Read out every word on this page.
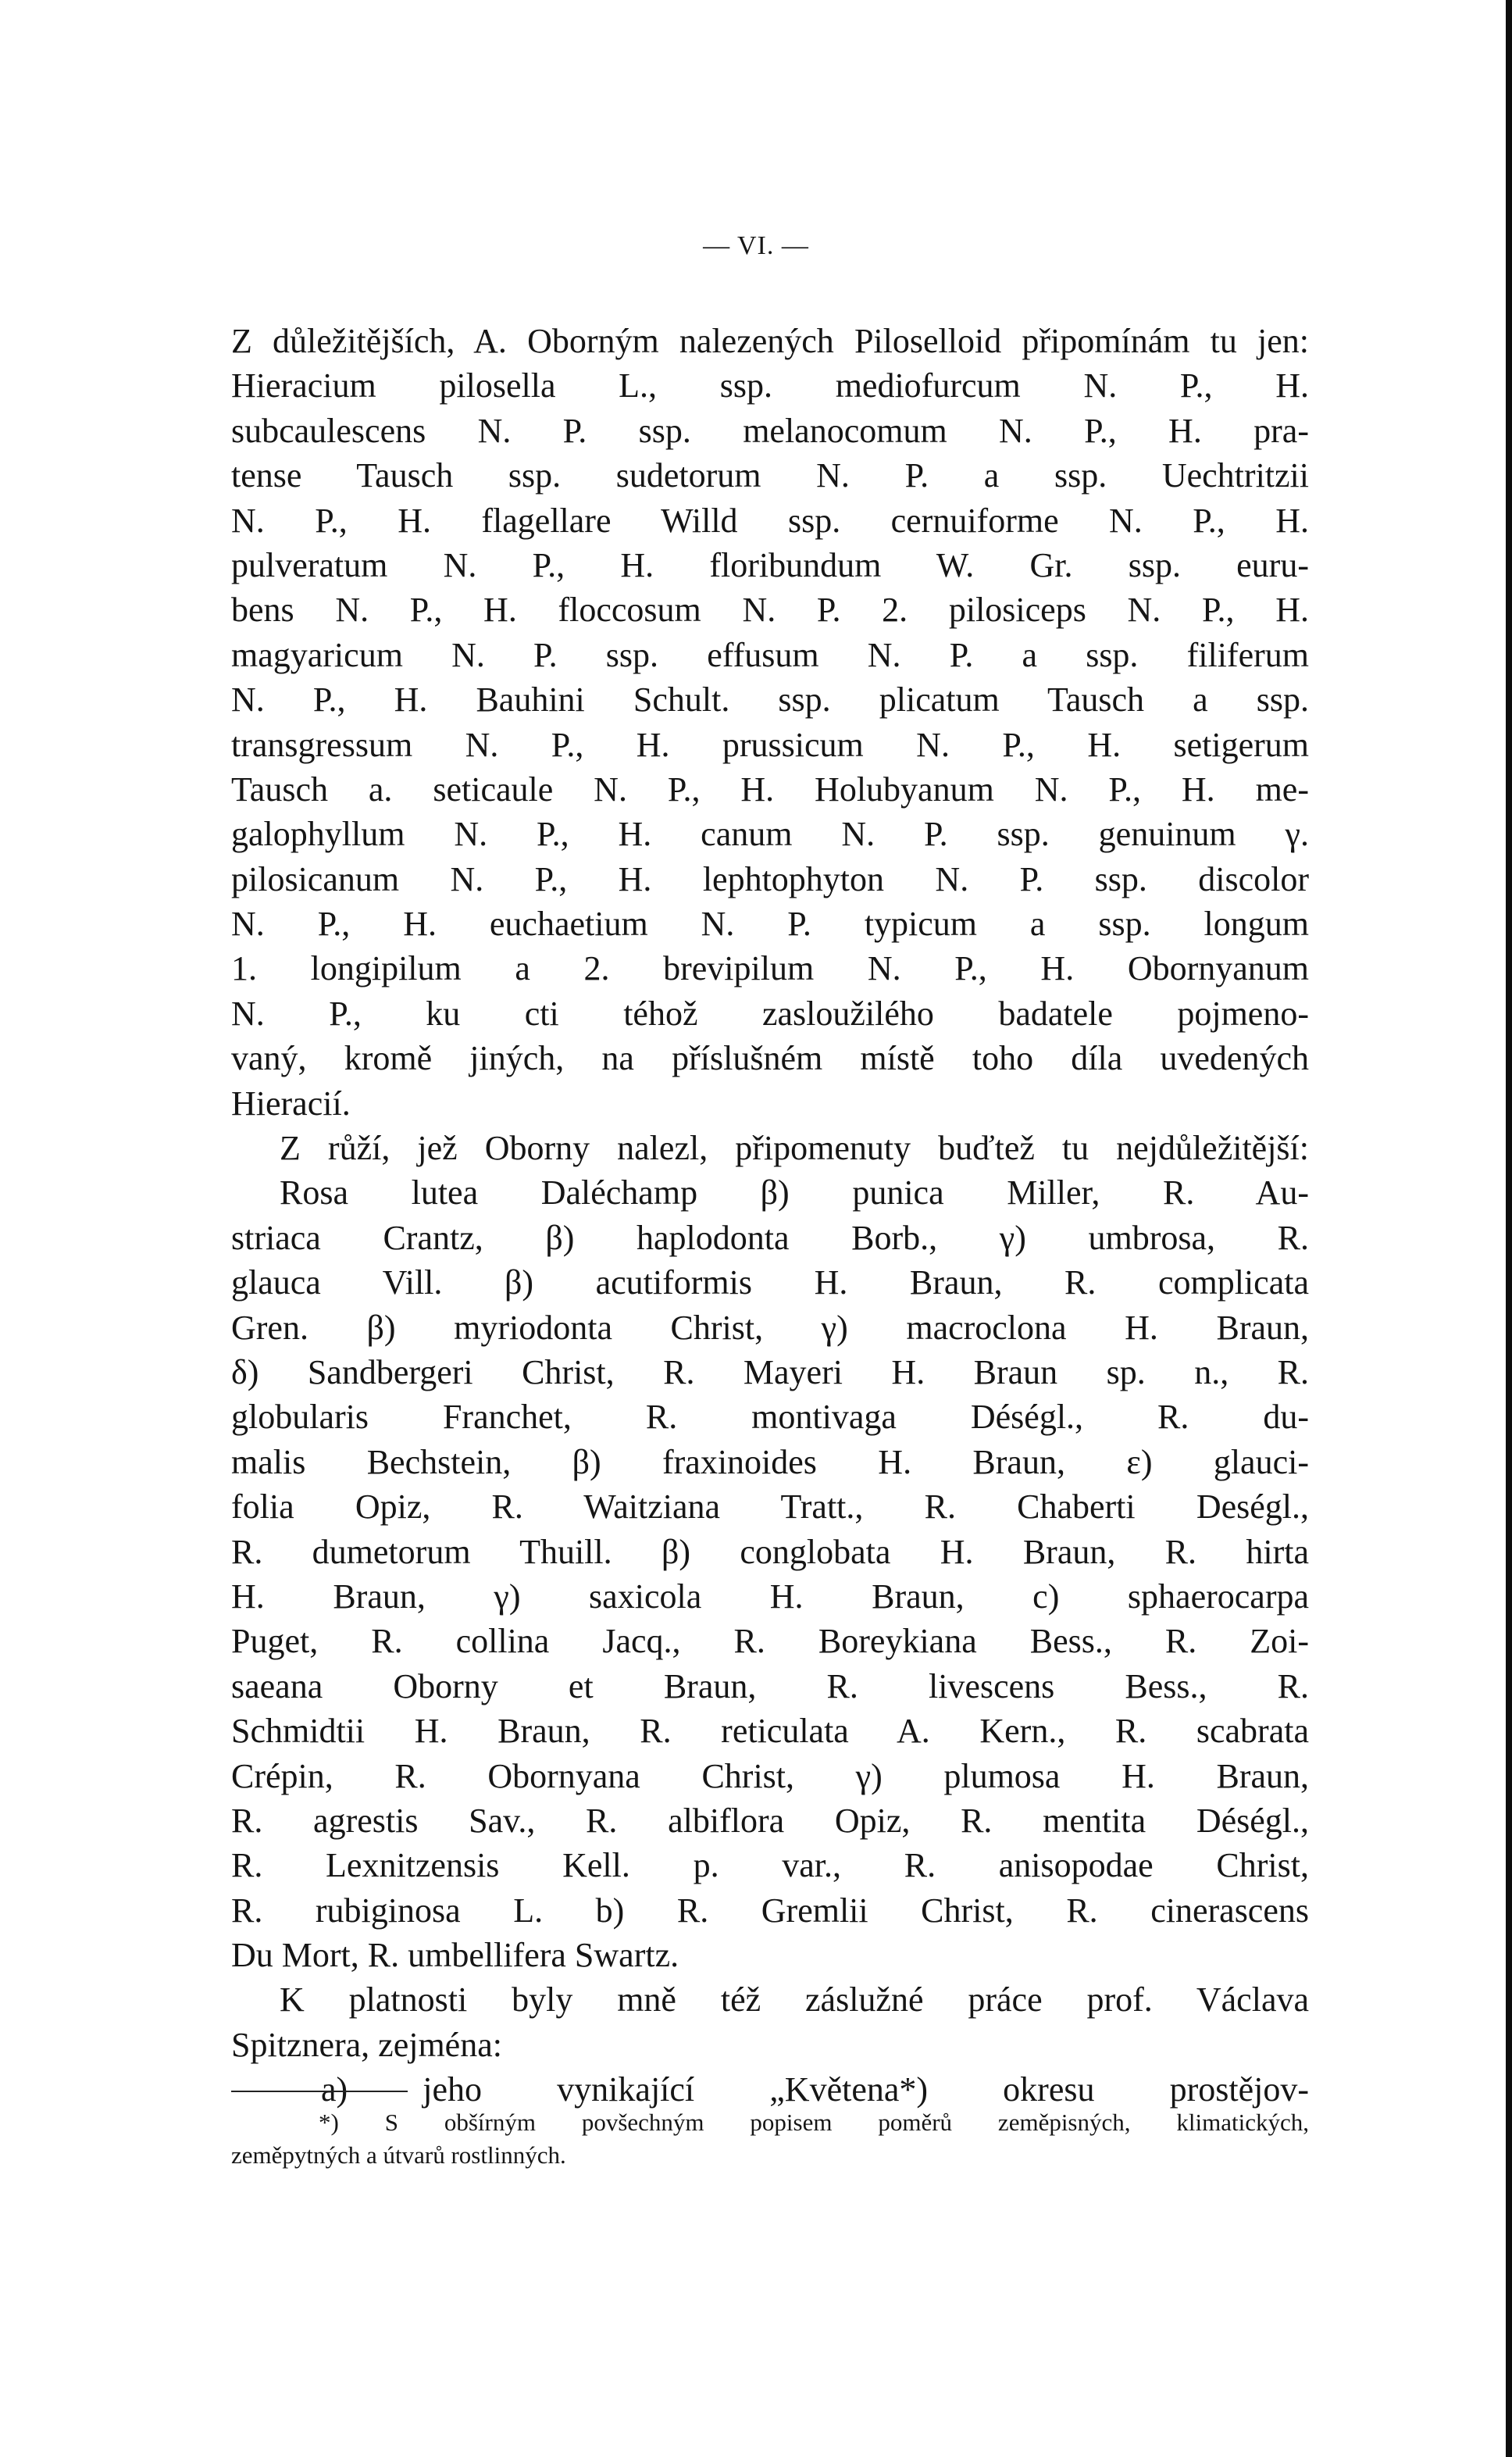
— VI. —
Z důležitějších, A. Oborným nalezených Piloselloid připomínám tu jen:
Hieracium pilosella L., ssp. mediofurcum N. P., H.
subcaulescens N. P. ssp. melanocomum N. P., H. pra-
tense Tausch ssp. sudetorum N. P. a ssp. Uechtritzii
N. P., H. flagellare Willd ssp. cernuiforme N. P., H.
pulveratum N. P., H. floribundum W. Gr. ssp. euru-
bens N. P., H. floccosum N. P. 2. pilosiceps N. P., H.
magyaricum N. P. ssp. effusum N. P. a ssp. filiferum
N. P., H. Bauhini Schult. ssp. plicatum Tausch a ssp.
transgressum N. P., H. prussicum N. P., H. setigerum
Tausch a. seticaule N. P., H. Holubyanum N. P., H. me-
galophyllum N. P., H. canum N. P. ssp. genuinum γ.
pilosicanum N. P., H. lephtophyton N. P. ssp. discolor
N. P., H. euchaetium N. P. typicum a ssp. longum
1. longipilum a 2. brevipilum N. P., H. Obornyanum
N. P., ku cti téhož zasloužilého badatele pojmeno-
vaný, kromě jiných, na příslušném místě toho díla uvedených
Hieracií.
Z růží, jež Oborny nalezl, připomenuty buďtež tu nejdůležitější:
Rosa lutea Daléchamp β) punica Miller, R. Au-
striaca Crantz, β) haplodonta Borb., γ) umbrosa, R.
glauca Vill. β) acutiformis H. Braun, R. complicata
Gren. β) myriodonta Christ, γ) macroclona H. Braun,
δ) Sandbergeri Christ, R. Mayeri H. Braun sp. n., R.
globularis Franchet, R. montivaga Déségl., R. du-
malis Bechstein, β) fraxinoides H. Braun, ε) glauci-
folia Opiz, R. Waitziana Tratt., R. Chaberti Deségl.,
R. dumetorum Thuill. β) conglobata H. Braun, R. hirta
H. Braun, γ) saxicola H. Braun, c) sphaerocarpa
Puget, R. collina Jacq., R. Boreykiana Bess., R. Zoi-
saeana Oborny et Braun, R. livescens Bess., R.
Schmidtii H. Braun, R. reticulata A. Kern., R. scabrata
Crépin, R. Obornyana Christ, γ) plumosa H. Braun,
R. agrestis Sav., R. albiflora Opiz, R. mentita Déségl.,
R. Lexnitzensis Kell. p. var., R. anisopodae Christ,
R. rubiginosa L. b) R. Gremlii Christ, R. cinerascens
Du Mort, R. umbellifera Swartz.
K platnosti byly mně též záslužné práce prof. Václava
Spitznera, zejména:
a) jeho vynikající „Květena*) okresu prostějov-
*) S obšírným povšechným popisem poměrů zeměpisných, klimatických,
zeměpytných a útvarů rostlinných.
